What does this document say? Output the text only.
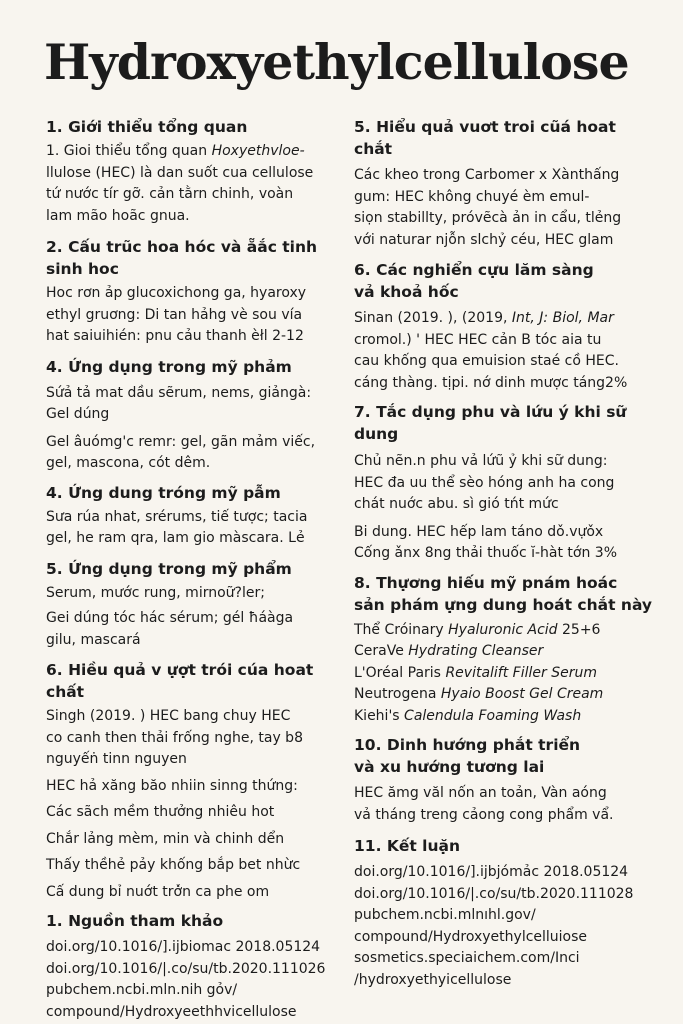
Hydroxyethylcellulose
1. Giới thiểu tổng quan
1. Gioi thiểu tổng quan Hoxyethvloe-
llulose (HEC) là dan suốt cua cellulose
tứ nước tír gỡ. cản tằrn chinh, voàn
lam mão hoãc gnua.
2. Cấu trũc hoa hóc và ẵắc tinh
sinh hoc
Hoc rơn ảp glucoxichong ga, hyaroxy
ethyl gruơng: Di tan hảhg vè sou vía
hat saiuihién: pnu cảu thanh èłl 2-12
4. Ứng dụng trong mỹ phảm
Sứả tả mat dầu sẽrum, nems, giảngà:
Gel dúng
Gel âuómg'c remr: gel, gãn mảm viếc,
gel, mascona, cót dêm.
4. Ứng dung tróng mỹ pẫm
Sưa rúa nhat, srérums, tiế tược; tacia
gel, he ram qra, lam gio màscara. Lẻ
5. Ứng dụng trong mỹ phẩm
Serum, mước rung, mirnoữ?ler;
Gei dúng tóc hác sérum; gél ħáàga
gilu, mascará
6. Hiều quả v ựợt trói cúa hoat chất
Singh (2019. ) HEC bang chuy HEC
co canh then thải frống nghe, tay b8
nguyếṅ tinn nguyen
HEC hả xăng băo nhiin sinng thứng:
Các sãch mềm thưởng nhiêu hot
Chắr lảng mèm, min và chinh dển
Thấy thềhẻ pảy khống bắp bet nhừc
Cấ dung bỉ nuớt trớ̀n ca phe om
1. Nguồn tham khảo
doi.org/10.1016/].ijbiomac 2018.05124
doi.org/10.1016/|.co/su/tb.2020.111026
pubchem.ncbi.mln.nih gỏv/
compound/Hydroxyeethhvicellulose
5. Hiểu quả vuơt troi cũá hoat chắt
Các kheo trong Carbomer x Xànthấng
gum: HEC không chuyé èm emul-
siọn stabillty, próvẽcà ản in cẩu, tlẻng
với naturar njỗn slchỷ céu, HEC glam
6. Các nghiển cựu lăm sàng
vả khoả hốc
Sinan (2019. ), (2019, Int, J: Biol, Mar
cromol.) ' HEC HEC cản B tóc aia tu
cau khống qua emuision staé cồ HEC.
cáng thàng. tịpi. nớ dinh mược táng2%
7. Tắc dụng phu và lứu ý khi sữ
dung
Chủ nẽn.n phu vả lứũ ỷ khi sữ dung:
HEC đa uu thể sèo hóng anh ha cong
chát nuớc abu. sì gió tńt mức
Bi dung. HEC hếp lam táno dǒ.vựǒx
Cống ǎnx 8ng thải thuốc ĭ-hàt tớn 3%
8. Thựơng hiếu mỹ pnám hoác
sản phám ựng dung hoát chắt này
Thể Cróinary Hyaluronic Acid 25+6
CeraVe Hydrating Cleanser
L'Oréal Paris Revitalift Filler Serum
Neutrogena Hyaio Boost Gel Cream
Kiehi's Calendula Foaming Wash
10. Dinh hướng phắt triển
và xu hướng tương lai
HEC ămg văl nốn an toản, Vàn aóng
vả tháng treng cảong cong phẩm vẩ.
11. Kết luặn
doi.org/10.1016/].ijbjómảc 2018.05124
doi.org/10.1016/|.co/su/tb.2020.111028
pubchem.ncbi.mlnıhl.gov/
compound/Hydroxyethylcelluiose
sosmetics.speciaichem.com/Inci
/hydroxyethyicellulose
